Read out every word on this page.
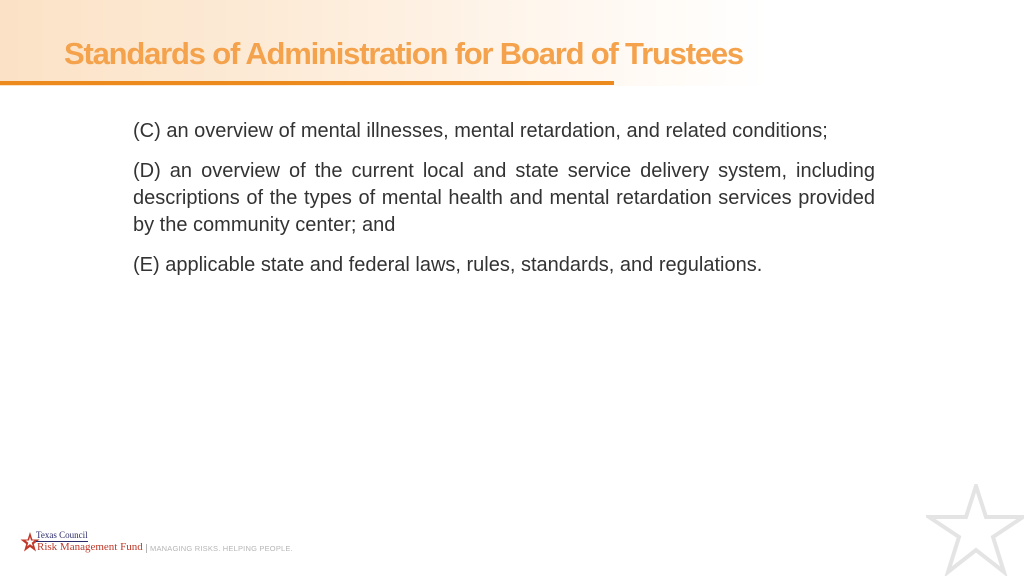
Standards of Administration for Board of Trustees

(C) an overview of mental illnesses, mental retardation, and related conditions;

(D) an overview of the current local and state service delivery system, including descriptions of the types of mental health and mental retardation services provided by the community center; and

(E) applicable state and federal laws, rules, standards, and regulations.

Texas Council
Risk Management Fund MANAGING RISKS. HELPING PEOPLE.
